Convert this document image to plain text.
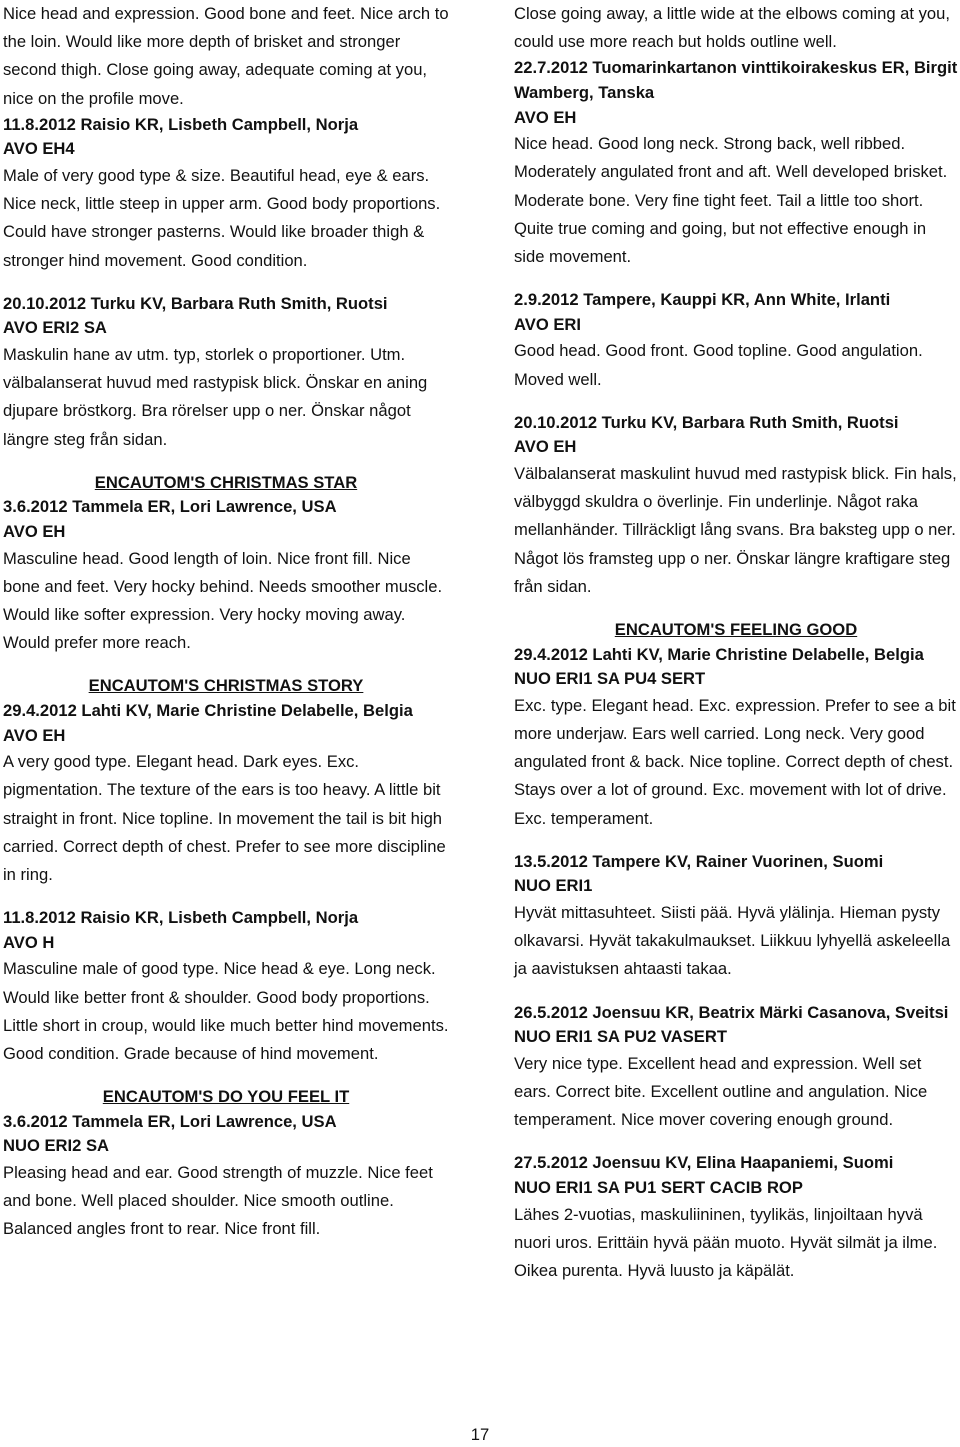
Nice head and expression. Good bone and feet. Nice arch to the loin. Would like more depth of brisket and stronger second thigh. Close going away, adequate coming at you, nice on the profile move.

11.8.2012 Raisio KR, Lisbeth Campbell, Norja
AVO EH4
Male of very good type & size. Beautiful head, eye & ears. Nice neck, little steep in upper arm. Good body proportions. Could have stronger pasterns. Would like broader thigh & stronger hind movement. Good condition.
20.10.2012 Turku KV, Barbara Ruth Smith, Ruotsi
AVO ERI2 SA
Maskulin hane av utm. typ, storlek o proportioner. Utm. välbalanserat huvud med rastypisk blick. Önskar en aning djupare bröstkorg. Bra rörelser upp o ner. Önskar något längre steg från sidan.
ENCAUTOM'S CHRISTMAS STAR
3.6.2012 Tammela ER, Lori Lawrence, USA
AVO EH
Masculine head. Good length of loin. Nice front fill. Nice bone and feet. Very hocky behind. Needs smoother muscle. Would like softer expression. Very hocky moving away. Would prefer more reach.
ENCAUTOM'S CHRISTMAS STORY
29.4.2012 Lahti KV, Marie Christine Delabelle, Belgia
AVO EH
A very good type. Elegant head. Dark eyes. Exc. pigmentation. The texture of the ears is too heavy. A little bit straight in front. Nice topline. In movement the tail is bit high carried. Correct depth of chest. Prefer to see more discipline in ring.
11.8.2012 Raisio KR, Lisbeth Campbell, Norja
AVO H
Masculine male of good type. Nice head & eye. Long neck. Would like better front & shoulder. Good body proportions. Little short in croup, would like much better hind movements. Good condition. Grade because of hind movement.
ENCAUTOM'S DO YOU FEEL IT
3.6.2012 Tammela ER, Lori Lawrence, USA
NUO ERI2 SA
Pleasing head and ear. Good strength of muzzle. Nice feet and bone. Well placed shoulder. Nice smooth outline. Balanced angles front to rear. Nice front fill.

Close going away, a little wide at the elbows coming at you, could use more reach but holds outline well.

22.7.2012 Tuomarinkartanon vinttikoirakeskus ER, Birgit Wamberg, Tanska
AVO EH
Nice head. Good long neck. Strong back, well ribbed. Moderately angulated front and aft. Well developed brisket. Moderate bone. Very fine tight feet. Tail a little too short. Quite true coming and going, but not effective enough in side movement.
2.9.2012 Tampere, Kauppi KR, Ann White, Irlanti
AVO ERI
Good head. Good front. Good topline. Good angulation. Moved well.
20.10.2012 Turku KV, Barbara Ruth Smith, Ruotsi
AVO EH
Välbalanserat maskulint huvud med rastypisk blick. Fin hals, välbyggd skuldra o överlinje. Fin underlinje. Något raka mellanhänder. Tillräckligt lång svans. Bra baksteg upp o ner. Något lös framsteg upp o ner. Önskar längre kraftigare steg från sidan.
ENCAUTOM'S FEELING GOOD
29.4.2012 Lahti KV, Marie Christine Delabelle, Belgia
NUO ERI1 SA PU4 SERT
Exc. type. Elegant head. Exc. expression. Prefer to see a bit more underjaw. Ears well carried. Long neck. Very good angulated front & back. Nice topline. Correct depth of chest. Stays over a lot of ground. Exc. movement with lot of drive. Exc. temperament.
13.5.2012 Tampere KV, Rainer Vuorinen, Suomi
NUO ERI1
Hyvät mittasuhteet. Siisti pää. Hyvä ylälinja. Hieman pysty olkavarsi. Hyvät takakulmaukset. Liikkuu lyhyellä askeleella ja aavistuksen ahtaasti takaa.
26.5.2012 Joensuu KR, Beatrix Märki Casanova, Sveitsi
NUO ERI1 SA PU2 VASERT
Very nice type. Excellent head and expression. Well set ears. Correct bite. Excellent outline and angulation. Nice temperament. Nice mover covering enough ground.
27.5.2012 Joensuu KV, Elina Haapaniemi, Suomi
NUO ERI1 SA PU1 SERT CACIB ROP
Lähes 2-vuotias, maskuliininen, tyylikäs, linjoiltaan hyvä nuori uros. Erittäin hyvä pään muoto. Hyvät silmät ja ilme. Oikea purenta. Hyvä luusto ja käpälät.
17
